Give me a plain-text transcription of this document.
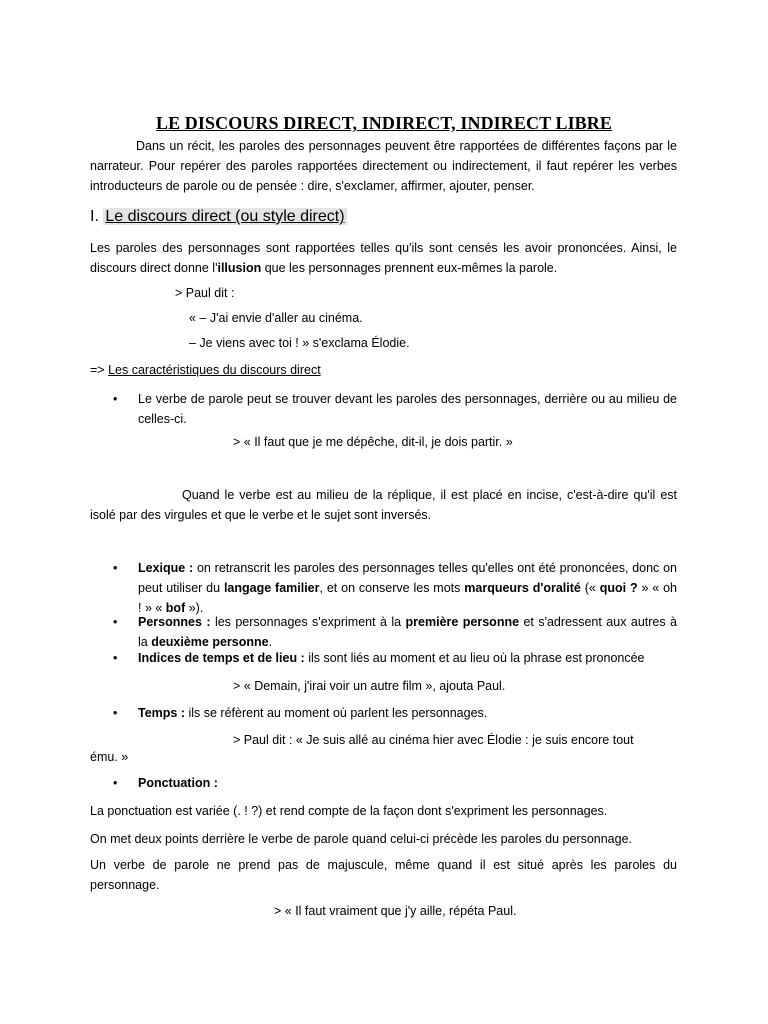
LE DISCOURS DIRECT, INDIRECT, INDIRECT LIBRE

Dans un récit, les paroles des personnages peuvent être rapportées de différentes façons par le narrateur. Pour repérer des paroles rapportées directement ou indirectement, il faut repérer les verbes introducteurs de parole ou de pensée : dire, s'exclamer, affirmer, ajouter, penser.

I. Le discours direct (ou style direct)

Les paroles des personnages sont rapportées telles qu'ils sont censés les avoir prononcées. Ainsi, le discours direct donne l'illusion que les personnages prennent eux-mêmes la parole.

> Paul dit :
« – J'ai envie d'aller au cinéma.
– Je viens avec toi ! » s'exclama Élodie.
=> Les caractéristiques du discours direct
•	Le verbe de parole peut se trouver devant les paroles des personnages, derrière ou au milieu de celles-ci.
> « Il faut que je me dépêche, dit-il, je dois partir. »

Quand le verbe est au milieu de la réplique, il est placé en incise, c'est-à-dire qu'il est isolé par des virgules et que le verbe et le sujet sont inversés.

•	Lexique : on retranscrit les paroles des personnages telles qu'elles ont été prononcées, donc on peut utiliser du langage familier, et on conserve les mots marqueurs d'oralité (« quoi ? » « oh ! » « bof »).
•	Personnes : les personnages s'expriment à la première personne et s'adressent aux autres à la deuxième personne.
•	Indices de temps et de lieu : ils sont liés au moment et au lieu où la phrase est prononcée
> « Demain, j'irai voir un autre film », ajouta Paul.
•	Temps : ils se réfèrent au moment où parlent les personnages.
> Paul dit : « Je suis allé au cinéma hier avec Élodie : je suis encore tout
ému. »
•	Ponctuation :

La ponctuation est variée (. ! ?) et rend compte de la façon dont s'expriment les personnages.

On met deux points derrière le verbe de parole quand celui-ci précède les paroles du personnage.

Un verbe de parole ne prend pas de majuscule, même quand il est situé après les paroles du personnage.

> « Il faut vraiment que j'y aille, répéta Paul.
